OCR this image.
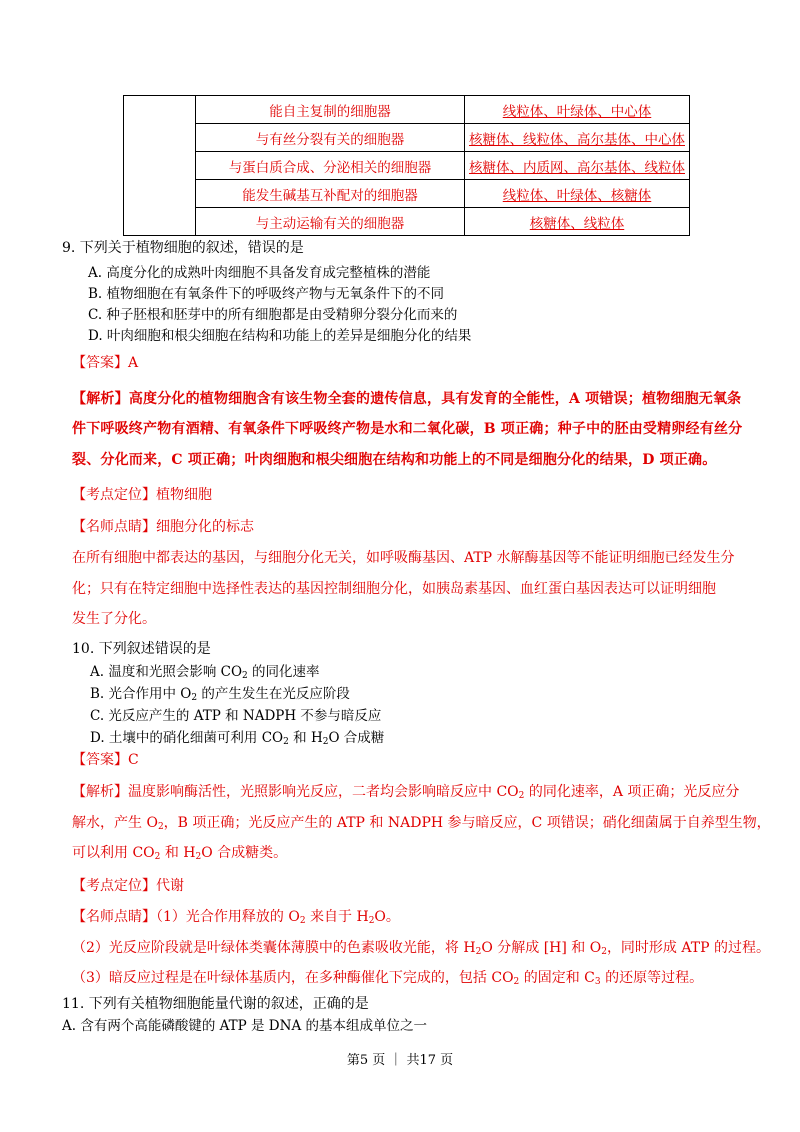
	能自主复制的细胞器	线粒体、叶绿体、中心体
	与有丝分裂有关的细胞器	核糖体、线粒体、高尔基体、中心体
	与蛋白质合成、分泌相关的细胞器	核糖体、内质网、高尔基体、线粒体
	能发生碱基互补配对的细胞器	线粒体、叶绿体、核糖体
	与主动运输有关的细胞器	核糖体、线粒体
9. 下列关于植物细胞的叙述，错误的是
A. 高度分化的成熟叶肉细胞不具备发育成完整植株的潜能
B. 植物细胞在有氧条件下的呼吸终产物与无氧条件下的不同
C. 种子胚根和胚芽中的所有细胞都是由受精卵分裂分化而来的
D. 叶肉细胞和根尖细胞在结构和功能上的差异是细胞分化的结果
【答案】A
【解析】高度分化的植物细胞含有该生物全套的遗传信息，具有发育的全能性，A 项错误；植物细胞无氧条
件下呼吸终产物有酒精、有氧条件下呼吸终产物是水和二氧化碳，B 项正确；种子中的胚由受精卵经有丝分
裂、分化而来，C 项正确；叶肉细胞和根尖细胞在结构和功能上的不同是细胞分化的结果，D 项正确。
【考点定位】植物细胞
【名师点睛】细胞分化的标志
在所有细胞中都表达的基因，与细胞分化无关，如呼吸酶基因、ATP 水解酶基因等不能证明细胞已经发生分
化；只有在特定细胞中选择性表达的基因控制细胞分化，如胰岛素基因、血红蛋白基因表达可以证明细胞
发生了分化。
10. 下列叙述错误的是
A. 温度和光照会影响 $CO_2$ 的同化速率
B. 光合作用中 $O_2$ 的产生发生在光反应阶段
C. 光反应产生的 ATP 和 NADPH 不参与暗反应
D. 土壤中的硝化细菌可利用 $CO_2$ 和 $H_2O$ 合成糖
【答案】C
【解析】温度影响酶活性，光照影响光反应，二者均会影响暗反应中 $CO_2$ 的同化速率，A 项正确；光反应分
解水，产生 $O_2$，B 项正确；光反应产生的 ATP 和 NADPH 参与暗反应，C 项错误；硝化细菌属于自养型生物，
可以利用 $CO_2$ 和 $H_2O$ 合成糖类。
【考点定位】代谢
【名师点睛】（1）光合作用释放的 $O_2$ 来自于 $H_2O$。
（2）光反应阶段就是叶绿体类囊体薄膜中的色素吸收光能，将 $H_2O$ 分解成 [H] 和 $O_2$，同时形成 ATP 的过程。
（3）暗反应过程是在叶绿体基质内，在多种酶催化下完成的，包括 $CO_2$ 的固定和 $C_3$ 的还原等过程。
11. 下列有关植物细胞能量代谢的叙述，正确的是
A. 含有两个高能磷酸键的 ATP 是 DNA 的基本组成单位之一
第5 页 ｜ 共17 页
